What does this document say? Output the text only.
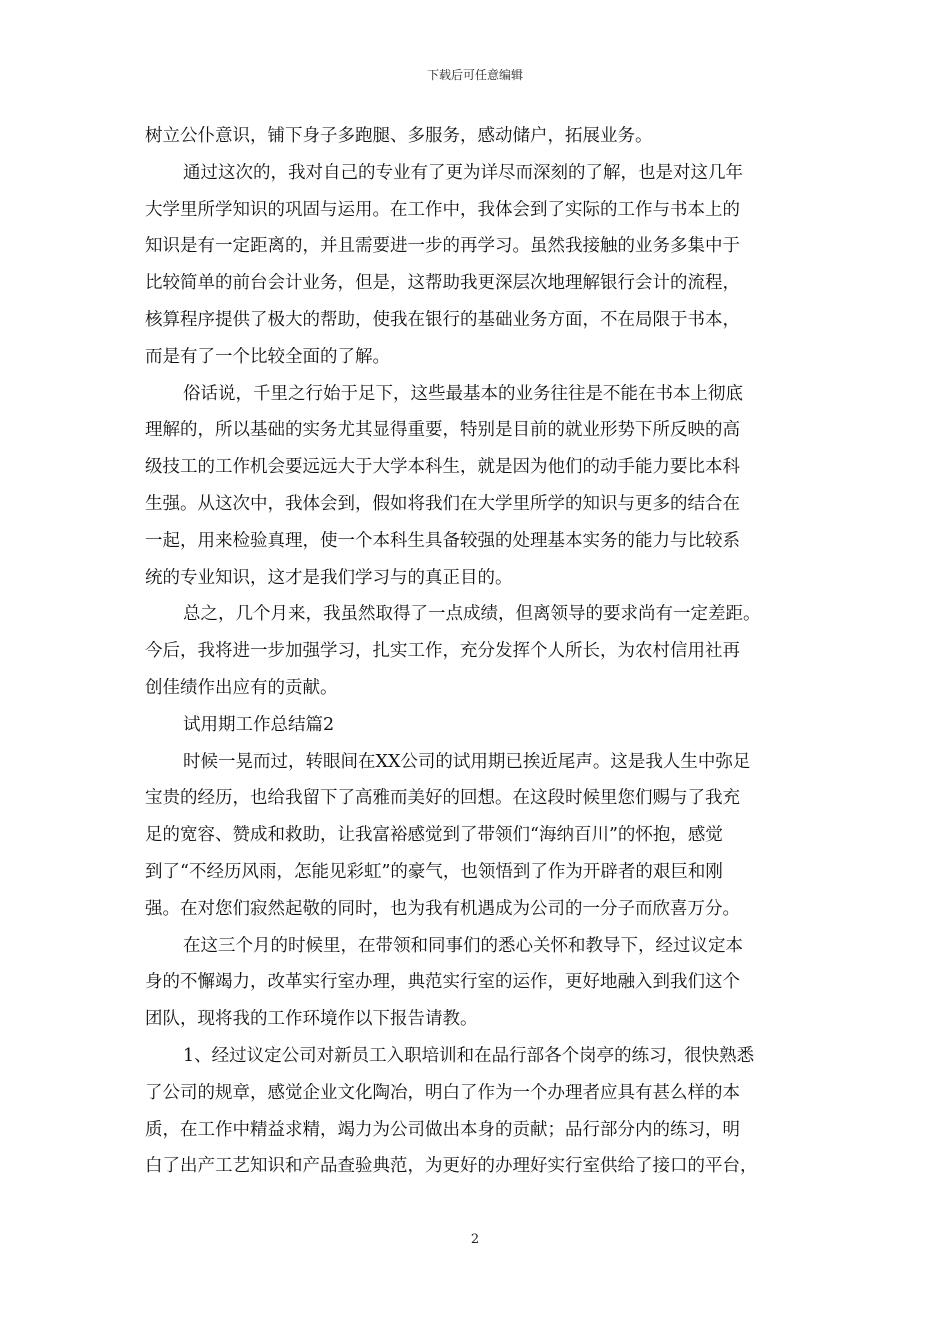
下载后可任意编辑

树立公仆意识，铺下身子多跑腿、多服务，感动储户，拓展业务。

通过这次的，我对自己的专业有了更为详尽而深刻的了解，也是对这几年
大学里所学知识的巩固与运用。在工作中，我体会到了实际的工作与书本上的
知识是有一定距离的，并且需要进一步的再学习。虽然我接触的业务多集中于
比较简单的前台会计业务，但是，这帮助我更深层次地理解银行会计的流程，
核算程序提供了极大的帮助，使我在银行的基础业务方面，不在局限于书本，
而是有了一个比较全面的了解。

俗话说，千里之行始于足下，这些最基本的业务往往是不能在书本上彻底
理解的，所以基础的实务尤其显得重要，特别是目前的就业形势下所反映的高
级技工的工作机会要远远大于大学本科生，就是因为他们的动手能力要比本科
生强。从这次中，我体会到，假如将我们在大学里所学的知识与更多的结合在
一起，用来检验真理，使一个本科生具备较强的处理基本实务的能力与比较系
统的专业知识，这才是我们学习与的真正目的。

总之，几个月来，我虽然取得了一点成绩，但离领导的要求尚有一定差距。
今后，我将进一步加强学习，扎实工作，充分发挥个人所长，为农村信用社再
创佳绩作出应有的贡献。

试用期工作总结篇2

时候一晃而过，转眼间在XX公司的试用期已挨近尾声。这是我人生中弥足
宝贵的经历，也给我留下了高雅而美好的回想。在这段时候里您们赐与了我充
足的宽容、赞成和救助，让我富裕感觉到了带领们“海纳百川”的怀抱，感觉
到了“不经历风雨，怎能见彩虹”的豪气，也领悟到了作为开辟者的艰巨和刚
强。在对您们寂然起敬的同时，也为我有机遇成为公司的一分子而欣喜万分。

在这三个月的时候里，在带领和同事们的悉心关怀和教导下，经过议定本
身的不懈竭力，改革实行室办理，典范实行室的运作，更好地融入到我们这个
团队，现将我的工作环境作以下报告请教。

1、经过议定公司对新员工入职培训和在品行部各个岗亭的练习，很快熟悉
了公司的规章，感觉企业文化陶冶，明白了作为一个办理者应具有甚么样的本
质，在工作中精益求精，竭力为公司做出本身的贡献；品行部分内的练习，明
白了出产工艺知识和产品查验典范，为更好的办理好实行室供给了接口的平台，

2
